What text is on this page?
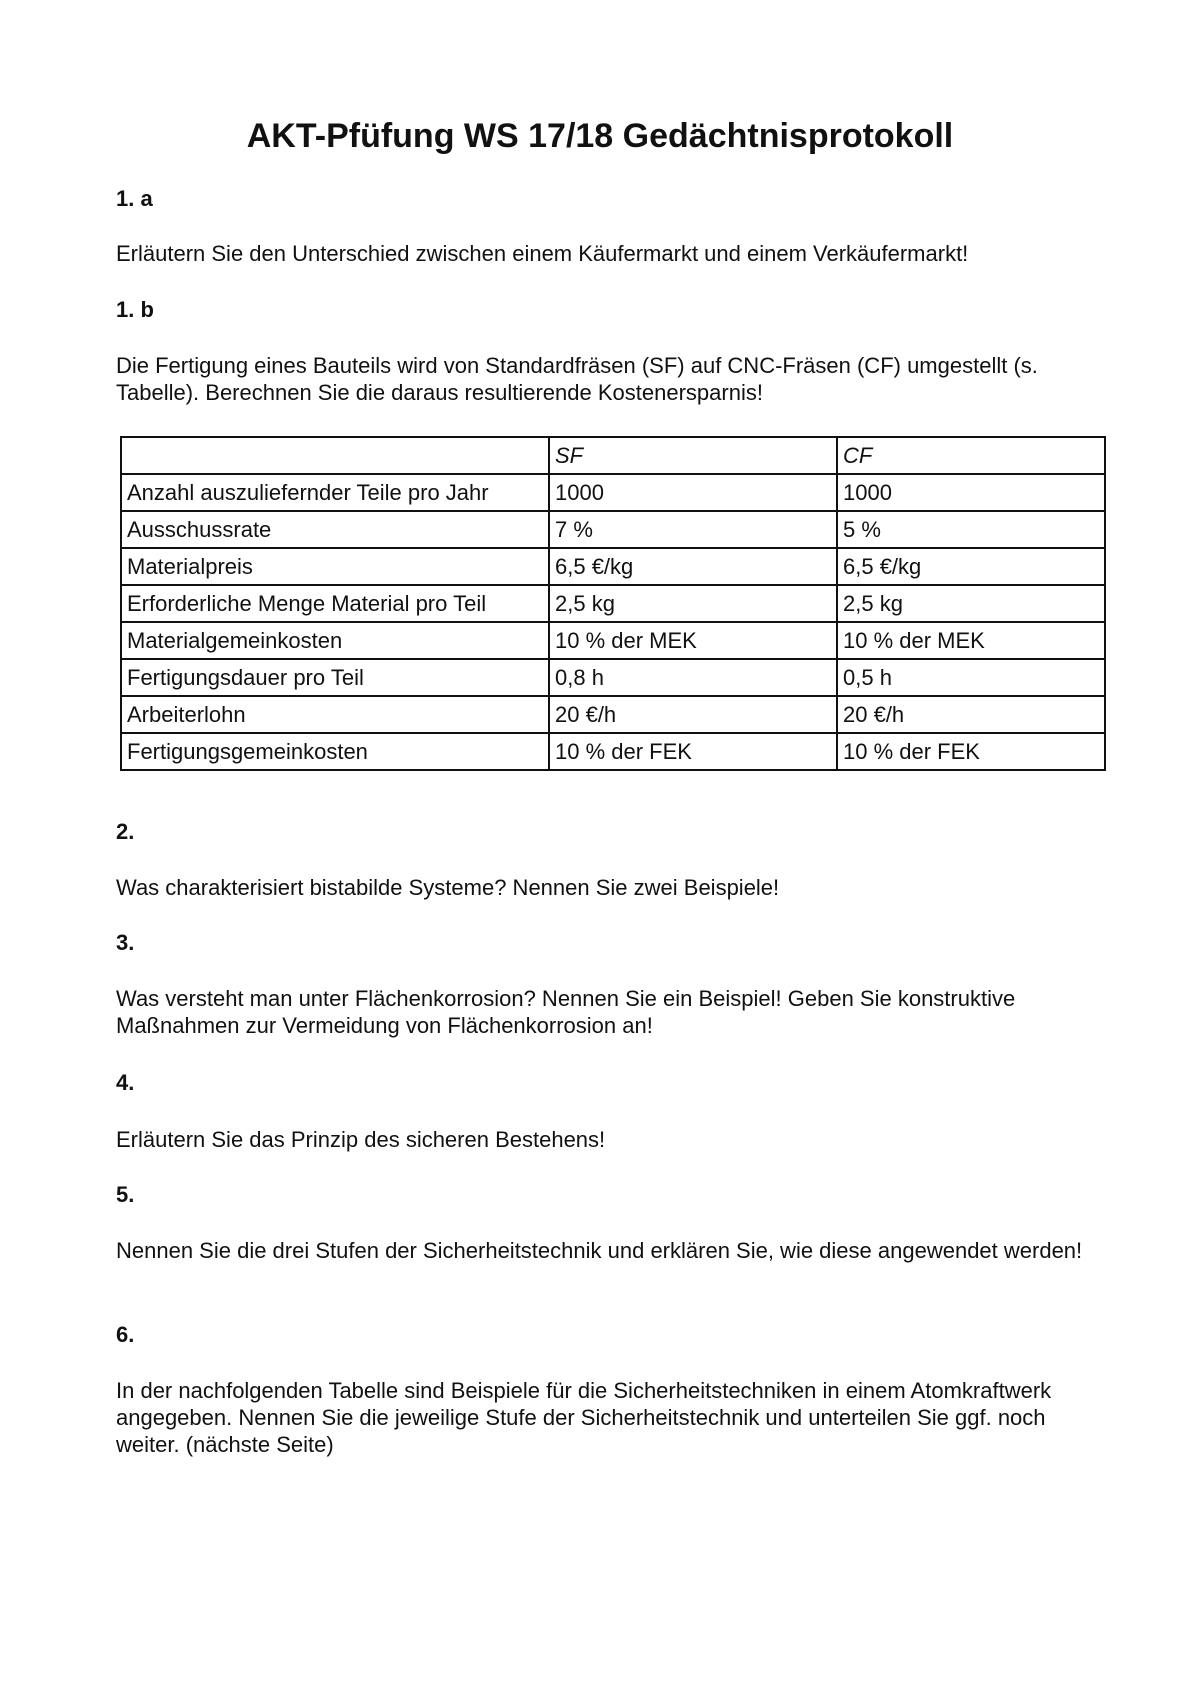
AKT-Pfüfung WS 17/18 Gedächtnisprotokoll

1. a

Erläutern Sie den Unterschied zwischen einem Käufermarkt und einem Verkäufermarkt!

1. b

Die Fertigung eines Bauteils wird von Standardfräsen (SF) auf CNC-Fräsen (CF) umgestellt (s. Tabelle). Berechnen Sie die daraus resultierende Kostenersparnis!

	SF	CF
Anzahl auszuliefernder Teile pro Jahr	1000	1000
Ausschussrate	7 %	5 %
Materialpreis	6,5 €/kg	6,5 €/kg
Erforderliche Menge Material pro Teil	2,5 kg	2,5 kg
Materialgemeinkosten	10 % der MEK	10 % der MEK
Fertigungsdauer pro Teil	0,8 h	0,5 h
Arbeiterlohn	20 €/h	20 €/h
Fertigungsgemeinkosten	10 % der FEK	10 % der FEK

2.

Was charakterisiert bistabilde Systeme? Nennen Sie zwei Beispiele!

3.

Was versteht man unter Flächenkorrosion? Nennen Sie ein Beispiel! Geben Sie konstruktive Maßnahmen zur Vermeidung von Flächenkorrosion an!

4.

Erläutern Sie das Prinzip des sicheren Bestehens!

5.

Nennen Sie die drei Stufen der Sicherheitstechnik und erklären Sie, wie diese angewendet werden!

6.

In der nachfolgenden Tabelle sind Beispiele für die Sicherheitstechniken in einem Atomkraftwerk angegeben. Nennen Sie die jeweilige Stufe der Sicherheitstechnik und unterteilen Sie ggf. noch weiter. (nächste Seite)
